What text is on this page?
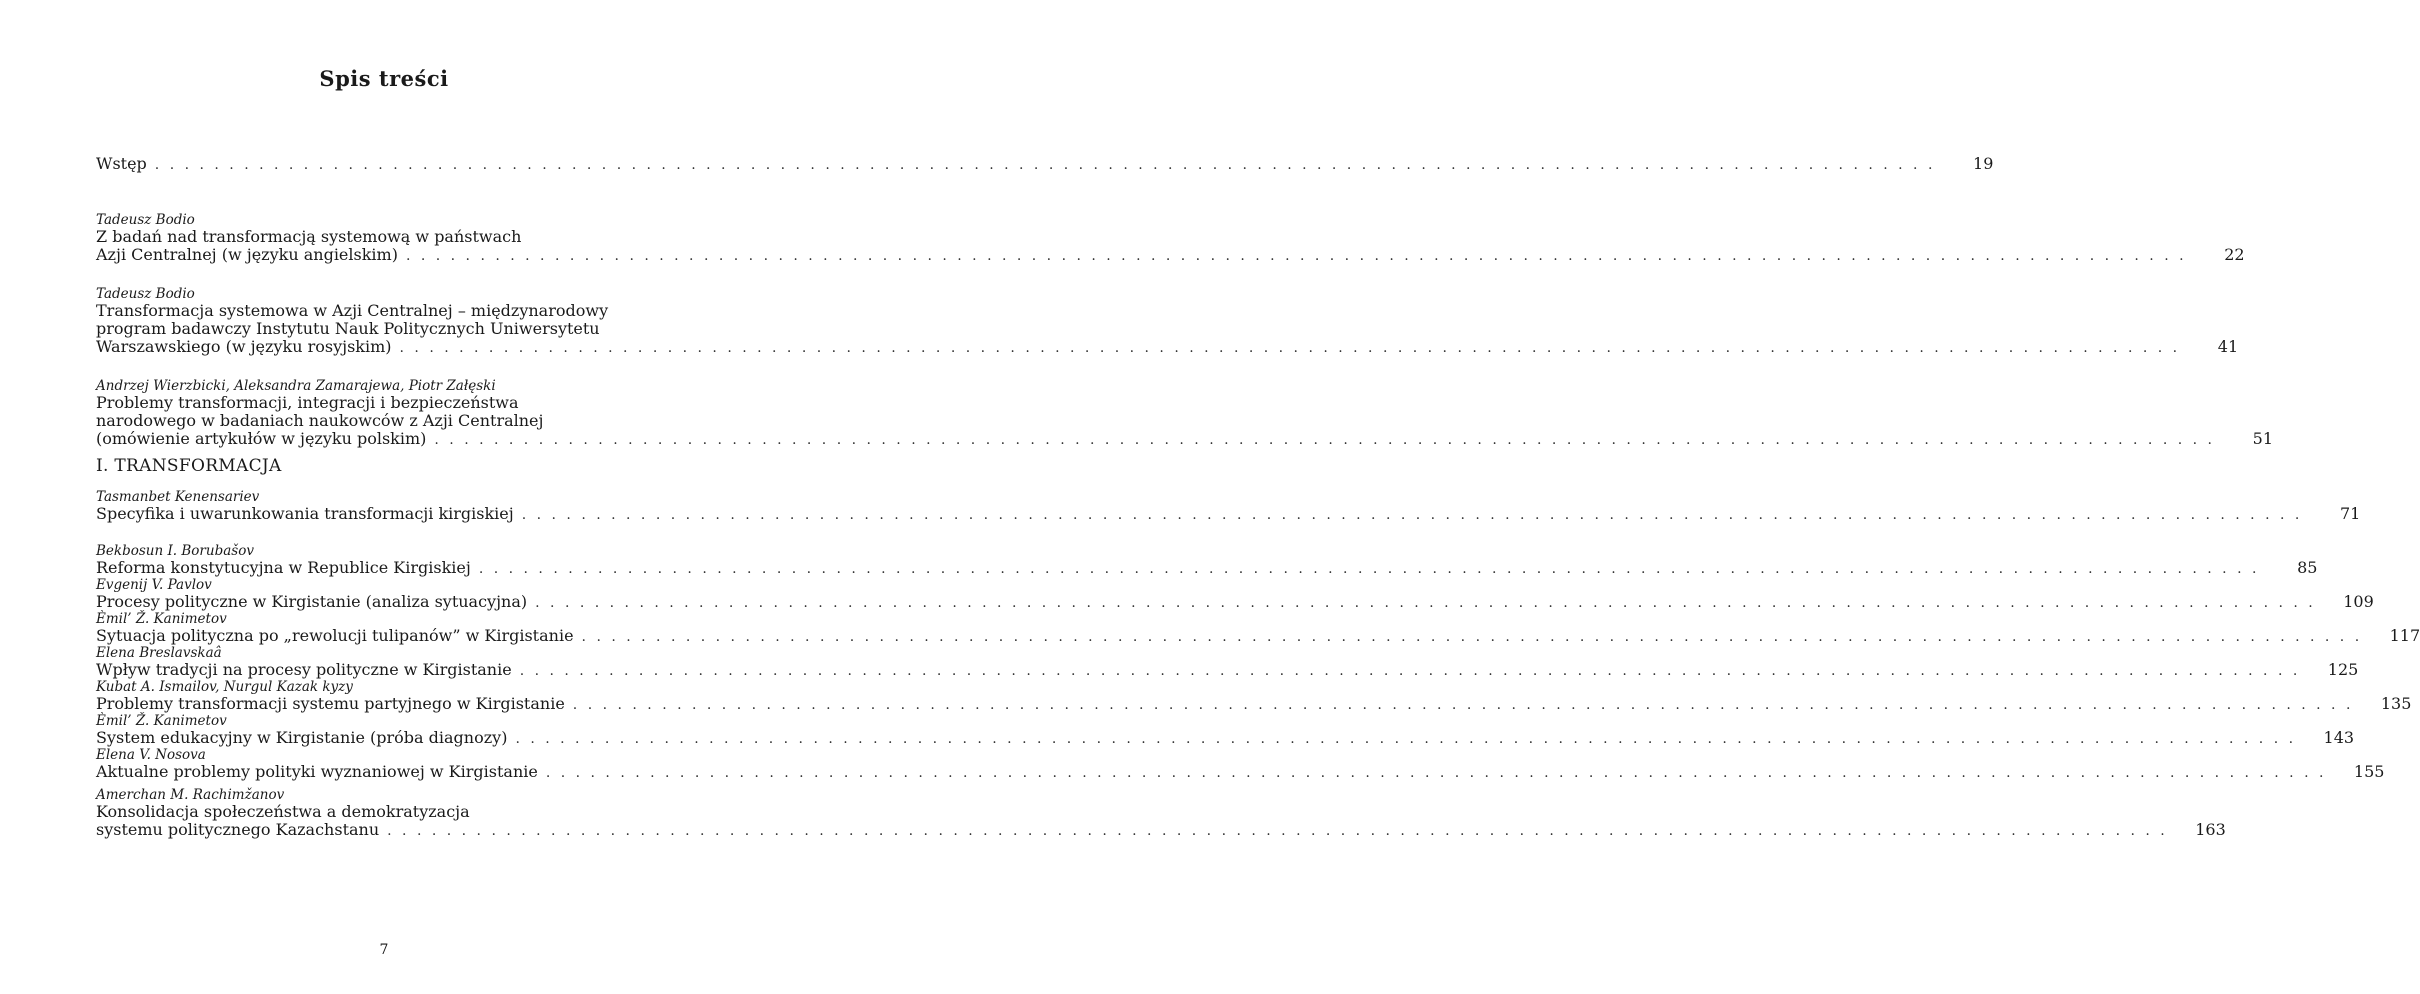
Spis treści
Wstęp . . . . . . . . . . . . . . . . . . . . . . . . . . . . . . . . . . . . . . . . . . . . . . . . . . . . . . . . . . . . . . . . . . . . . . . . . . . . . . . . . . . . . . . . . . . . . . . . . . . . . . . . . . . . . . . . . . . . . . . .	19
I. TRANSFORMACJA
Tadeusz Bodio
Z badań nad transformacją systemową w państwach
Azji Centralnej (w języku angielskim) . . . . . . . . . . . . . . . . . . . . . . . . . . . . . . . . . . . . . . . . . . . . . . . . . . . . . . . . . . . . . . . . . . . . . . . . . . . . . . . . . . . . . . . . . . . . . . . . . . . . . . . . . . . . . . . . . . . . . . . .	22
Tadeusz Bodio
Transformacja systemowa w Azji Centralnej – międzynarodowy
program badawczy Instytutu Nauk Politycznych Uniwersytetu
Warszawskiego (w języku rosyjskim) . . . . . . . . . . . . . . . . . . . . . . . . . . . . . . . . . . . . . . . . . . . . . . . . . . . . . . . . . . . . . . . . . . . . . . . . . . . . . . . . . . . . . . . . . . . . . . . . . . . . . . . . . . . . . . . . . . . . . . . .	41
Andrzej Wierzbicki, Aleksandra Zamarajewa, Piotr Załęski
Problemy transformacji, integracji i bezpieczeństwa
narodowego w badaniach naukowców z Azji Centralnej
(omówienie artykułów w języku polskim) . . . . . . . . . . . . . . . . . . . . . . . . . . . . . . . . . . . . . . . . . . . . . . . . . . . . . . . . . . . . . . . . . . . . . . . . . . . . . . . . . . . . . . . . . . . . . . . . . . . . . . . . . . . . . . . . . . . . . . . .	51
Tasmanbet Kenensariev
Specyfika i uwarunkowania transformacji kirgiskiej . . . . . . . . . . . . . . . . . . . . . . . . . . . . . . . . . . . . . . . . . . . . . . . . . . . . . . . . . . . . . . . . . . . . . . . . . . . . . . . . . . . . . . . . . . . . . . . . . . . . . . . . . . . . . . . . . . . . . . . .	71
Bekbosun I. Borubašov
Reforma konstytucyjna w Republice Kirgiskiej . . . . . . . . . . . . . . . . . . . . . . . . . . . . . . . . . . . . . . . . . . . . . . . . . . . . . . . . . . . . . . . . . . . . . . . . . . . . . . . . . . . . . . . . . . . . . . . . . . . . . . . . . . . . . . . . . . . . . . . .	85
Evgenij V. Pavlov
Procesy polityczne w Kirgistanie (analiza sytuacyjna) . . . . . . . . . . . . . . . . . . . . . . . . . . . . . . . . . . . . . . . . . . . . . . . . . . . . . . . . . . . . . . . . . . . . . . . . . . . . . . . . . . . . . . . . . . . . . . . . . . . . . . . . . . . . . . . . . . . . . . . .	109
Èmil’ Ž. Kanimetov
Sytuacja polityczna po „rewolucji tulipanów” w Kirgistanie . . . . . . . . . . . . . . . . . . . . . . . . . . . . . . . . . . . . . . . . . . . . . . . . . . . . . . . . . . . . . . . . . . . . . . . . . . . . . . . . . . . . . . . . . . . . . . . . . . . . . . . . . . . . . . . . . . . . . . . .	117
Elena Breslavskaâ
Wpływ tradycji na procesy polityczne w Kirgistanie . . . . . . . . . . . . . . . . . . . . . . . . . . . . . . . . . . . . . . . . . . . . . . . . . . . . . . . . . . . . . . . . . . . . . . . . . . . . . . . . . . . . . . . . . . . . . . . . . . . . . . . . . . . . . . . . . . . . . . . .	125
Kubat A. Ismailov, Nurgul Kazak kyzy
Problemy transformacji systemu partyjnego w Kirgistanie . . . . . . . . . . . . . . . . . . . . . . . . . . . . . . . . . . . . . . . . . . . . . . . . . . . . . . . . . . . . . . . . . . . . . . . . . . . . . . . . . . . . . . . . . . . . . . . . . . . . . . . . . . . . . . . . . . . . . . . .	135
Èmil’ Ž. Kanimetov
System edukacyjny w Kirgistanie (próba diagnozy) . . . . . . . . . . . . . . . . . . . . . . . . . . . . . . . . . . . . . . . . . . . . . . . . . . . . . . . . . . . . . . . . . . . . . . . . . . . . . . . . . . . . . . . . . . . . . . . . . . . . . . . . . . . . . . . . . . . . . . . .	143
Elena V. Nosova
Aktualne problemy polityki wyznaniowej w Kirgistanie . . . . . . . . . . . . . . . . . . . . . . . . . . . . . . . . . . . . . . . . . . . . . . . . . . . . . . . . . . . . . . . . . . . . . . . . . . . . . . . . . . . . . . . . . . . . . . . . . . . . . . . . . . . . . . . . . . . . . . . .	155
Amerchan M. Rachimžanov
Konsolidacja społeczeństwa a demokratyzacja
systemu politycznego Kazachstanu . . . . . . . . . . . . . . . . . . . . . . . . . . . . . . . . . . . . . . . . . . . . . . . . . . . . . . . . . . . . . . . . . . . . . . . . . . . . . . . . . . . . . . . . . . . . . . . . . . . . . . . . . . . . . . . . . . . . . . . .	163
7
